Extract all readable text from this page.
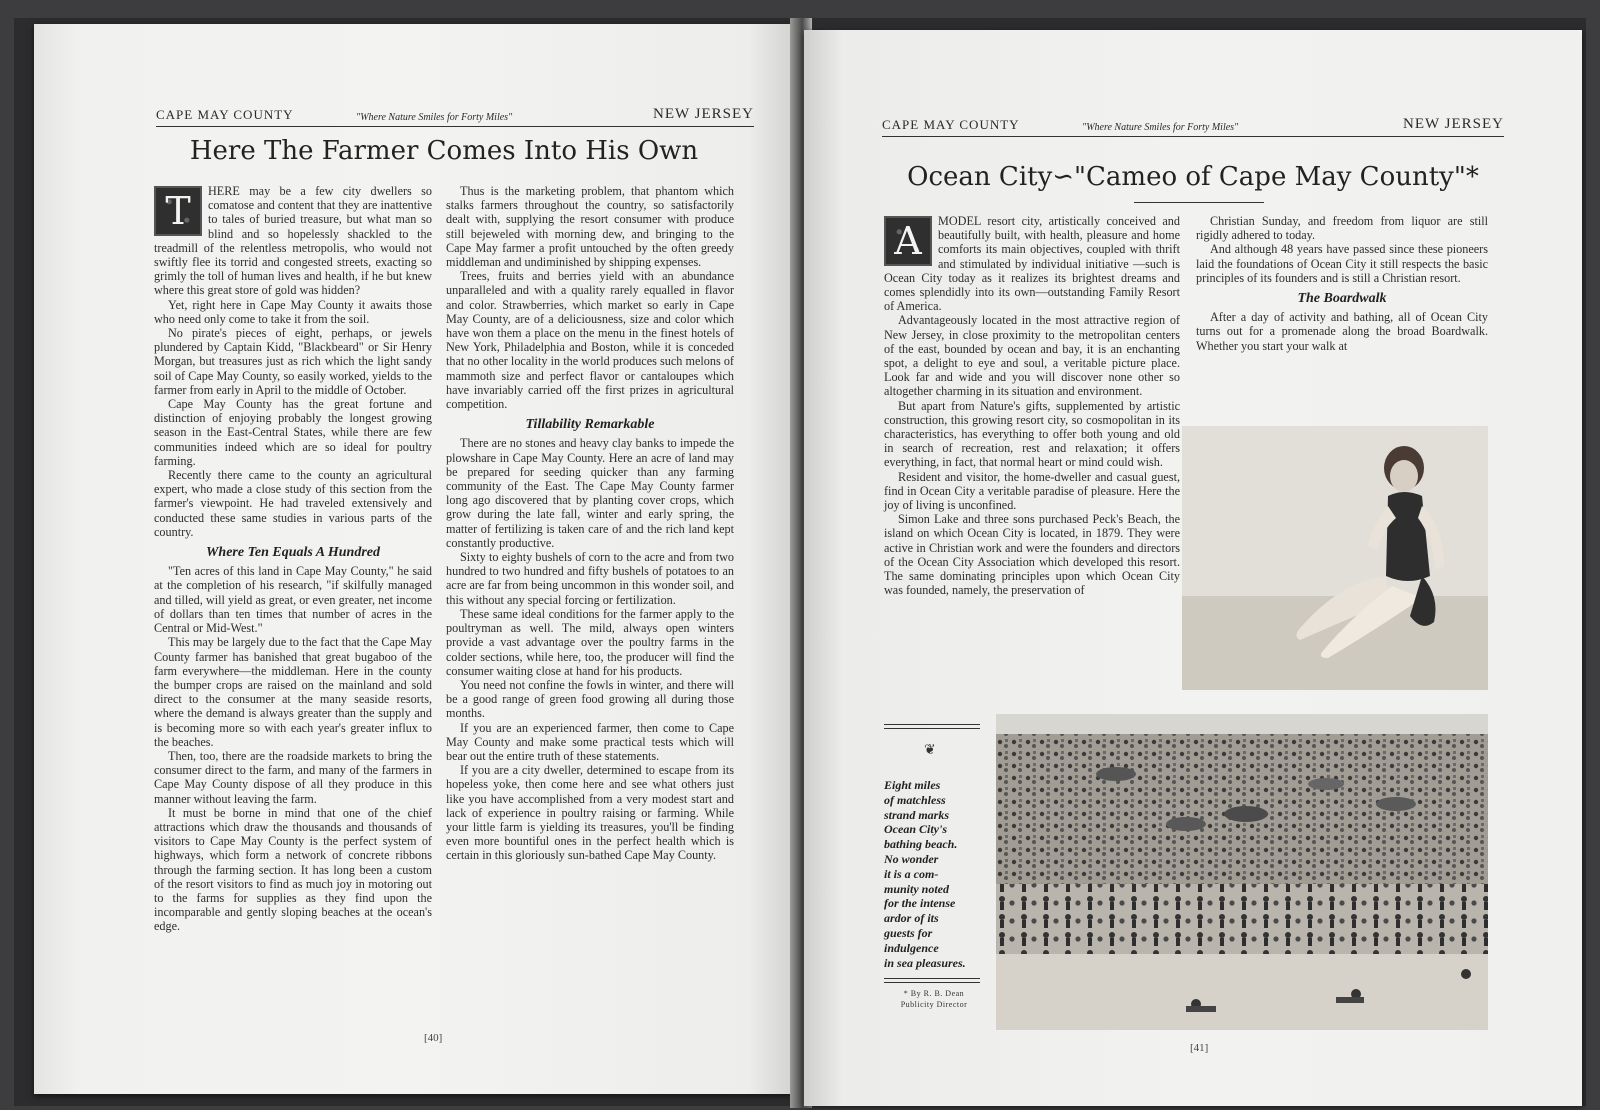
CAPE MAY COUNTY	"Where Nature Smiles for Forty Miles"	NEW JERSEY
Here The Farmer Comes Into His Own

T	HERE may be a few city dwellers so comatose and content that they are inattentive to tales of buried treasure, but what man so blind and so hopelessly shackled to the treadmill of the relentless metropolis, who would not swiftly flee its torrid and congested streets, exacting so grimly the toll of human lives and health, if he but knew where this great store of gold was hidden?

Yet, right here in Cape May County it awaits those who need only come to take it from the soil.

No pirate's pieces of eight, perhaps, or jewels plundered by Captain Kidd, "Blackbeard" or Sir Henry Morgan, but treasures just as rich which the light sandy soil of Cape May County, so easily worked, yields to the farmer from early in April to the middle of October.

Cape May County has the great fortune and distinction of enjoying probably the longest growing season in the East-Central States, while there are few communities indeed which are so ideal for poultry farming.

Recently there came to the county an agricultural expert, who made a close study of this section from the farmer's viewpoint. He had traveled extensively and conducted these same studies in various parts of the country.

Where Ten Equals A Hundred

"Ten acres of this land in Cape May County," he said at the completion of his research, "if skilfully managed and tilled, will yield as great, or even greater, net income of dollars than ten times that number of acres in the Central or Mid-West."

This may be largely due to the fact that the Cape May County farmer has banished that great bugaboo of the farm everywhere—the middleman. Here in the county the bumper crops are raised on the mainland and sold direct to the consumer at the many seaside resorts, where the demand is always greater than the supply and is becoming more so with each year's greater influx to the beaches.

Then, too, there are the roadside markets to bring the consumer direct to the farm, and many of the farmers in Cape May County dispose of all they produce in this manner without leaving the farm.

It must be borne in mind that one of the chief attractions which draw the thousands and thousands of visitors to Cape May County is the perfect system of highways, which form a network of concrete ribbons through the farming section. It has long been a custom of the resort visitors to find as much joy in motoring out to the farms for supplies as they find upon the incomparable and gently sloping beaches at the ocean's edge.

Thus is the marketing problem, that phantom which stalks farmers throughout the country, so satisfactorily dealt with, supplying the resort consumer with produce still bejeweled with morning dew, and bringing to the Cape May farmer a profit untouched by the often greedy middleman and undiminished by shipping expenses.

Trees, fruits and berries yield with an abundance unparalleled and with a quality rarely equalled in flavor and color. Strawberries, which market so early in Cape May County, are of a deliciousness, size and color which have won them a place on the menu in the finest hotels of New York, Philadelphia and Boston, while it is conceded that no other locality in the world produces such melons of mammoth size and perfect flavor or cantaloupes which have invariably carried off the first prizes in agricultural competition.

Tillability Remarkable

There are no stones and heavy clay banks to impede the plowshare in Cape May County. Here an acre of land may be prepared for seeding quicker than any farming community of the East. The Cape May County farmer long ago discovered that by planting cover crops, which grow during the late fall, winter and early spring, the matter of fertilizing is taken care of and the rich land kept constantly productive.

Sixty to eighty bushels of corn to the acre and from two hundred to two hundred and fifty bushels of potatoes to an acre are far from being uncommon in this wonder soil, and this without any special forcing or fertilization.

These same ideal conditions for the farmer apply to the poultryman as well. The mild, always open winters provide a vast advantage over the poultry farms in the colder sections, while here, too, the producer will find the consumer waiting close at hand for his products.

You need not confine the fowls in winter, and there will be a good range of green food growing all during those months.

If you are an experienced farmer, then come to Cape May County and make some practical tests which will bear out the entire truth of these statements.

If you are a city dweller, determined to escape from its hopeless yoke, then come here and see what others just like you have accomplished from a very modest start and lack of experience in poultry raising or farming. While your little farm is yielding its treasures, you'll be finding even more bountiful ones in the perfect health which is certain in this gloriously sun-bathed Cape May County.

[40]
CAPE MAY COUNTY	"Where Nature Smiles for Forty Miles"	NEW JERSEY
Ocean City∽"Cameo of Cape May County"*

A	MODEL resort city, artistically conceived and beautifully built, with health, pleasure and home comforts its main objectives, coupled with thrift and stimulated by individual initiative —such is Ocean City today as it realizes its brightest dreams and comes splendidly into its own—outstanding Family Resort of America.

Advantageously located in the most attractive region of New Jersey, in close proximity to the metropolitan centers of the east, bounded by ocean and bay, it is an enchanting spot, a delight to eye and soul, a veritable picture place. Look far and wide and you will discover none other so altogether charming in its situation and environment.

But apart from Nature's gifts, supplemented by artistic construction, this growing resort city, so cosmopolitan in its characteristics, has everything to offer both young and old in search of recreation, rest and relaxation; it offers everything, in fact, that normal heart or mind could wish.

Resident and visitor, the home-dweller and casual guest, find in Ocean City a veritable paradise of pleasure. Here the joy of living is unconfined.

Simon Lake and three sons purchased Peck's Beach, the island on which Ocean City is located, in 1879. They were active in Christian work and were the founders and directors of the Ocean City Association which developed this resort. The same dominating principles upon which Ocean City was founded, namely, the preservation of

Christian Sunday, and freedom from liquor are still rigidly adhered to today.

And although 48 years have passed since these pioneers laid the foundations of Ocean City it still respects the basic principles of its founders and is still a Christian resort.

The Boardwalk

After a day of activity and bathing, all of Ocean City turns out for a promenade along the broad Boardwalk. Whether you start your walk at

❦
Eight miles
of matchless
strand marks
Ocean City's
bathing beach.
No wonder
it is a com-
munity noted
for the intense
ardor of its
guests for
indulgence
in sea pleasures.
* By R. B. Dean
Publicity Director
[41]
